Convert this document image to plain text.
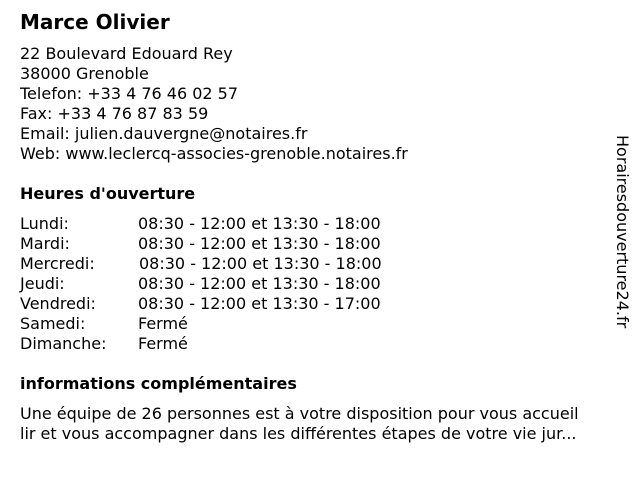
Marce Olivier
22 Boulevard Edouard Rey
38000 Grenoble
Telefon: +33 4 76 46 02 57
Fax: +33 4 76 87 83 59
Email: julien.dauvergne@notaires.fr
Web: www.leclercq-associes-grenoble.notaires.fr
Heures d'ouverture
Lundi:	08:30 - 12:00 et 13:30 - 18:00
Mardi:	08:30 - 12:00 et 13:30 - 18:00
Mercredi:	08:30 - 12:00 et 13:30 - 18:00
Jeudi:	08:30 - 12:00 et 13:30 - 18:00
Vendredi:	08:30 - 12:00 et 13:30 - 17:00
Samedi:	Fermé
Dimanche: Fermé
informations complémentaires
Une équipe de 26 personnes est à votre disposition pour vous accueil
lir et vous accompagner dans les différentes étapes de votre vie jur...
Horairesdouverture24.fr
